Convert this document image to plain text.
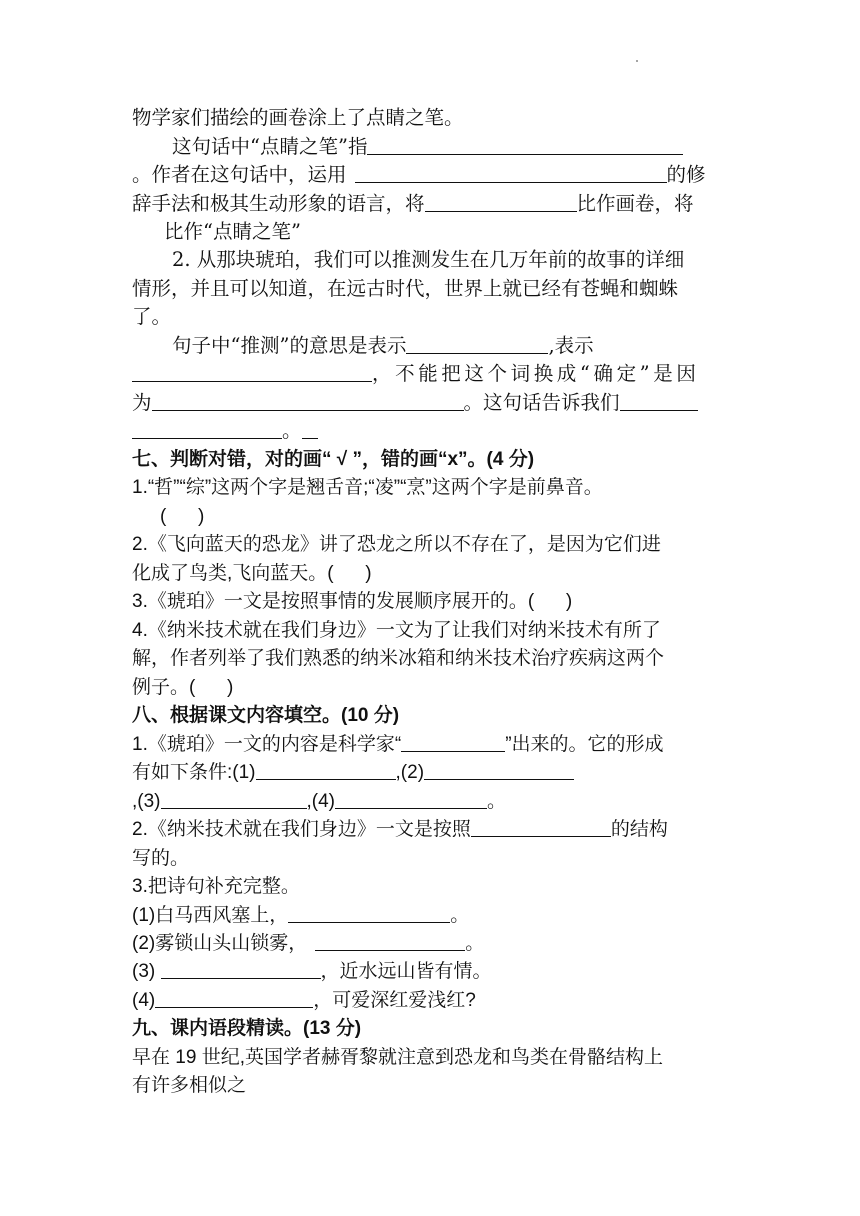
物学家们描绘的画卷涂上了点睛之笔。
这句话中“点睛之笔”指
。作者在这句话中，运用	的修
辞手法和极其生动形象的语言，将	比作画卷，将
比作“点睛之笔”
2. 从那块琥珀，我们可以推测发生在几万年前的故事的详细
情形，并且可以知道，在远古时代，世界上就已经有苍蝇和蜘蛛
了。
句子中“推测”的意思是表示	,表示
，不能把这个词换成“确定”是因
为	。这句话告诉我们
。
七、判断对错，对的画“ √ ”，错的画“x”。(4 分)
1.“哲”“综”这两个字是翘舌音;“凌”“烹”这两个字是前鼻音。
(      )
2.《飞向蓝天的恐龙》讲了恐龙之所以不存在了，是因为它们进
化成了鸟类,飞向蓝天。(      )
3.《琥珀》一文是按照事情的发展顺序展开的。(      )
4.《纳米技术就在我们身边》一文为了让我们对纳米技术有所了
解，作者列举了我们熟悉的纳米冰箱和纳米技术治疗疾病这两个
例子。(      )
八、根据课文内容填空。(10 分)
1.《琥珀》一文的内容是科学家“	”出来的。它的形成
有如下条件:(1)	,(2)
,(3)	,(4)	。
2.《纳米技术就在我们身边》一文是按照	的结构
写的。
3.把诗句补充完整。
(1)白马西风塞上，	。
(2)雾锁山头山锁雾，	。
(3)	，近水远山皆有情。
(4)	，可爱深红爱浅红?
九、课内语段精读。(13 分)
早在 19 世纪,英国学者赫胥黎就注意到恐龙和鸟类在骨骼结构上
有许多相似之
